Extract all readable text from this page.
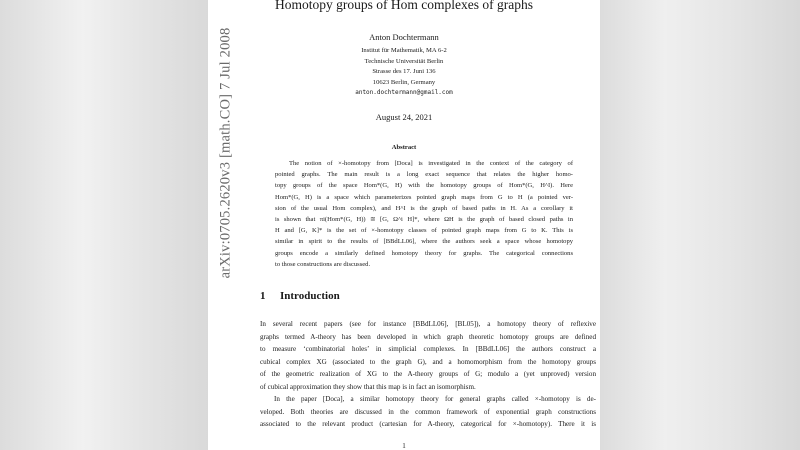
arXiv:0705.2620v3 [math.CO] 7 Jul 2008
Homotopy groups of Hom complexes of graphs
Anton Dochtermann
Institut für Mathematik, MA 6-2
Technische Universität Berlin
Strasse des 17. Juni 136
10623 Berlin, Germany
anton.dochtermann@gmail.com
August 24, 2021
Abstract
The notion of ×-homotopy from [Doca] is investigated in the context of the category of
pointed graphs. The main result is a long exact sequence that relates the higher homo-
topy groups of the space Hom*(G, H) with the homotopy groups of Hom*(G, H^I). Here
Hom*(G, H) is a space which parameterizes pointed graph maps from G to H (a pointed ver-
sion of the usual Hom complex), and H^I is the graph of based paths in H. As a corollary it
is shown that πi(Hom*(G, H)) ≅ [G, Ω^i H]*, where ΩH is the graph of based closed paths in
H and [G, K]* is the set of ×-homotopy classes of pointed graph maps from G to K. This is
similar in spirit to the results of [BBdLL06], where the authors seek a space whose homotopy
groups encode a similarly defined homotopy theory for graphs. The categorical connections
to those constructions are discussed.
1 Introduction
In several recent papers (see for instance [BBdLL06], [BL05]), a homotopy theory of reflexive
graphs termed A-theory has been developed in which graph theoretic homotopy groups are defined
to measure ‘combinatorial holes’ in simplicial complexes. In [BBdLL06] the authors construct a
cubical complex XG (associated to the graph G), and a homomorphism from the homotopy groups
of the geometric realization of XG to the A-theory groups of G; modulo a (yet unproved) version
of cubical approximation they show that this map is in fact an isomorphism.
In the paper [Doca], a similar homotopy theory for general graphs called ×-homotopy is de-
veloped. Both theories are discussed in the common framework of exponential graph constructions
associated to the relevant product (cartesian for A-theory, categorical for ×-homotopy). There it is
1
